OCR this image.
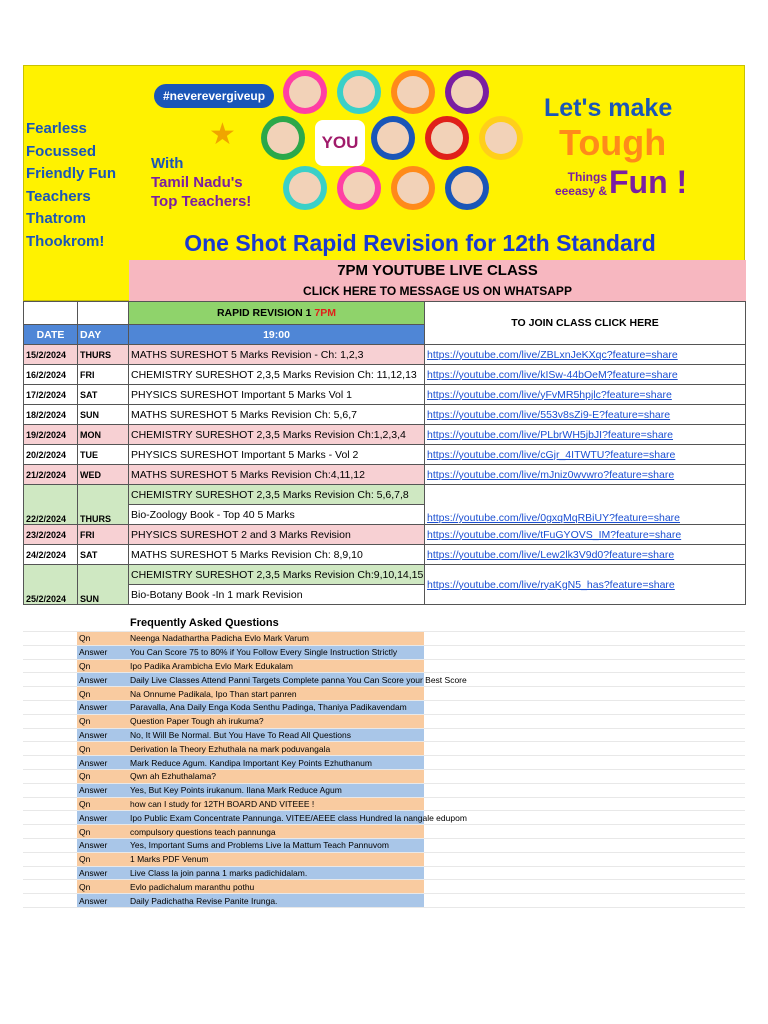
Fearless
Focussed
Friendly Fun
Teachers
Thatrom
Thookrom!
#neverevergiveup
★
With
Tamil Nadu's
Top Teachers!
YOU
Let's make
Tough
Things
eeeasy & Fun !
One Shot Rapid Revision for 12th Standard
7PM YOUTUBE LIVE CLASS
CLICK HERE TO MESSAGE US ON WHATSAPP
		RAPID REVISION 1 7PM	TO JOIN CLASS CLICK HERE
DATE	DAY	19:00	
15/2/2024	THURS	MATHS SURESHOT 5 Marks Revision - Ch: 1,2,3	https://youtube.com/live/ZBLxnJeKXqc?feature=share
16/2/2024	FRI	CHEMISTRY SURESHOT 2,3,5 Marks Revision Ch: 11,12,13	https://youtube.com/live/kISw-44bOeM?feature=share
17/2/2024	SAT	PHYSICS SURESHOT Important 5 Marks Vol 1	https://youtube.com/live/yFvMR5hpjlc?feature=share
18/2/2024	SUN	MATHS SURESHOT 5 Marks Revision Ch: 5,6,7	https://youtube.com/live/553v8sZi9-E?feature=share
19/2/2024	MON	CHEMISTRY SURESHOT 2,3,5 Marks Revision Ch:1,2,3,4	https://youtube.com/live/PLbrWH5jbJI?feature=share
20/2/2024	TUE	PHYSICS SURESHOT Important 5 Marks - Vol 2	https://youtube.com/live/cGjr_4ITWTU?feature=share
21/2/2024	WED	MATHS SURESHOT 5 Marks Revision Ch:4,11,12	https://youtube.com/live/mJniz0wvwro?feature=share
22/2/2024	THURS	CHEMISTRY SURESHOT 2,3,5 Marks Revision Ch: 5,6,7,8	https://youtube.com/live/0gxqMqRBiUY?feature=share
		Bio-Zoology Book - Top 40 5 Marks	
23/2/2024	FRI	PHYSICS SURESHOT 2 and 3 Marks Revision	https://youtube.com/live/tFuGYOVS_IM?feature=share
24/2/2024	SAT	MATHS SURESHOT 5 Marks Revision Ch: 8,9,10	https://youtube.com/live/Lew2lk3V9d0?feature=share
25/2/2024	SUN	CHEMISTRY SURESHOT 2,3,5 Marks Revision Ch:9,10,14,15	https://youtube.com/live/ryaKgN5_has?feature=share
		Bio-Botany Book -In 1 mark Revision	
		Frequently Asked Questions	
	Qn	Neenga Nadathartha Padicha Evlo Mark Varum	
	Answer	You Can Score 75 to 80% if You Follow Every Single Instruction Strictly	
	Qn	Ipo Padika Arambicha Evlo Mark Edukalam	
	Answer	Daily Live Classes Attend Panni Targets Complete panna You Can Score your Best Score	
	Qn	Na Onnume Padikala, Ipo Than start panren	
	Answer	Paravalla, Ana Daily Enga Koda Senthu Padinga, Thaniya Padikavendam	
	Qn	Question Paper Tough ah irukuma?	
	Answer	No, It Will Be Normal. But You Have To Read All Questions	
	Qn	Derivation la Theory Ezhuthala na mark poduvangala	
	Answer	Mark Reduce Agum. Kandipa Important Key Points Ezhuthanum	
	Qn	Qwn ah Ezhuthalama?	
	Answer	Yes, But Key Points irukanum. Ilana Mark Reduce Agum	
	Qn	how can I study for 12TH BOARD AND VITEEE !	
	Answer	Ipo Public Exam Concentrate Pannunga. VITEE/AEEE class Hundred la nangale edupom	
	Qn	compulsory questions teach pannunga	
	Answer	Yes, Important Sums and Problems Live la Mattum Teach Pannuvom	
	Qn	1 Marks PDF Venum	
	Answer	Live Class la join panna 1 marks padichidalam.	
	Qn	Evlo padichalum maranthu pothu	
	Answer	Daily Padichatha Revise Panite Irunga.	
